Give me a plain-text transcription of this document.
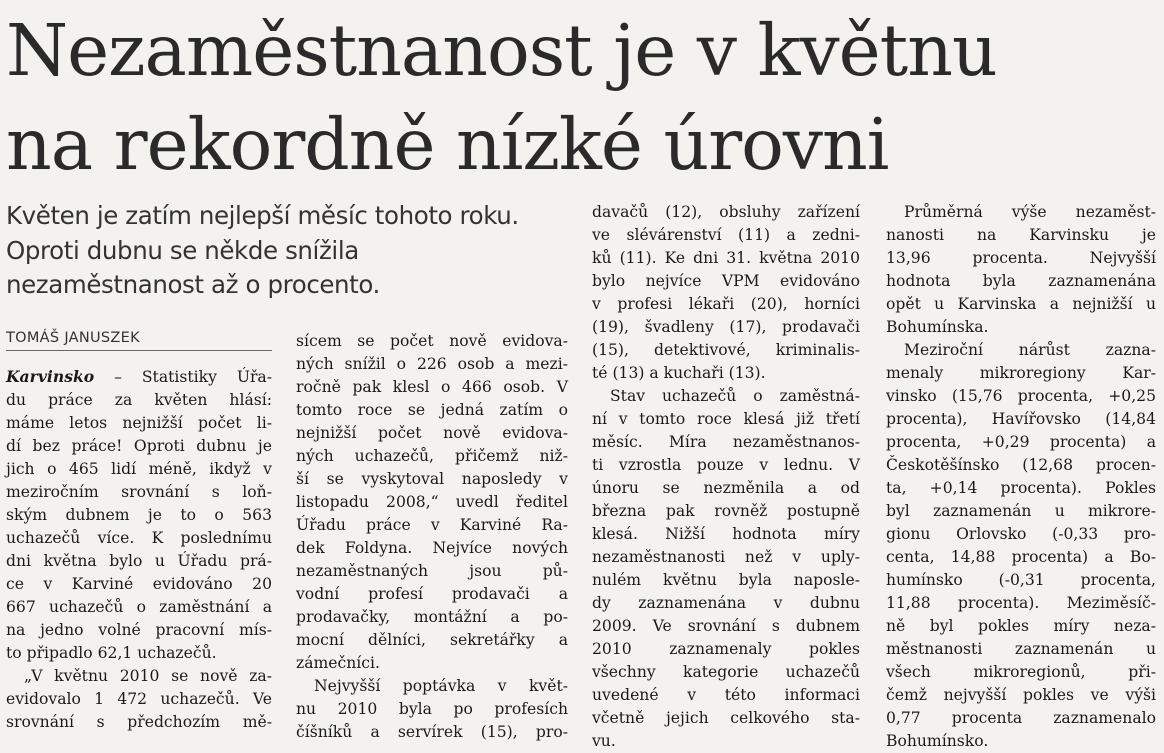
Nezaměstnanost je v květnu
na rekordně nízké úrovni
Květen je zatím nejlepší měsíc tohoto roku.
Oproti dubnu se někde snížila
nezaměstnanost až o procento.
TOMÁŠ JANUSZEK
Karvinsko – Statistiky Úřa-
du práce za květen hlásí:
máme letos nejnižší počet li-
dí bez práce! Oproti dubnu je
jich o 465 lidí méně, ikdyž v
meziročním srovnání s loň-
ským dubnem je to o 563
uchazečů více. K poslednímu
dni května bylo u Úřadu prá-
ce v Karviné evidováno 20
667 uchazečů o zaměstnání a
na jedno volné pracovní mís-
to připadlo 62,1 uchazečů.
„V květnu 2010 se nově za-
evidovalo 1 472 uchazečů. Ve
srovnání s předchozím mě-
sícem se počet nově evidova-
ných snížil o 226 osob a mezi-
ročně pak klesl o 466 osob. V
tomto roce se jedná zatím o
nejnižší počet nově evidova-
ných uchazečů, přičemž niž-
ší se vyskytoval naposledy v
listopadu 2008,“ uvedl ředitel
Úřadu práce v Karviné Ra-
dek Foldyna. Nejvíce nových
nezaměstnaných jsou pů-
vodní profesí prodavači a
prodavačky, montážní a po-
mocní dělníci, sekretářky a
zámečníci.
Nejvyšší poptávka v květ-
nu 2010 byla po profesích
číšníků a servírek (15), pro-
davačů (12), obsluhy zařízení
ve slévárenství (11) a zedni-
ků (11). Ke dni 31. května 2010
bylo nejvíce VPM evidováno
v profesi lékaři (20), horníci
(19), švadleny (17), prodavači
(15), detektivové, kriminalis-
té (13) a kuchaři (13).
Stav uchazečů o zaměstná-
ní v tomto roce klesá již třetí
měsíc. Míra nezaměstnanos-
ti vzrostla pouze v lednu. V
únoru se nezměnila a od
března pak rovněž postupně
klesá. Nižší hodnota míry
nezaměstnanosti než v uply-
nulém květnu byla naposle-
dy zaznamenána v dubnu
2009. Ve srovnání s dubnem
2010 zaznamenaly pokles
všechny kategorie uchazečů
uvedené v této informaci
včetně jejich celkového sta-
vu.
Průměrná výše nezaměst-
nanosti na Karvinsku je
13,96 procenta. Nejvyšší
hodnota byla zaznamenána
opět u Karvinska a nejnižší u
Bohumínska.
Meziroční nárůst zazna-
menaly mikroregiony Kar-
vinsko (15,76 procenta, +0,25
procenta), Havířovsko (14,84
procenta, +0,29 procenta) a
Českotěšínsko (12,68 procen-
ta, +0,14 procenta). Pokles
byl zaznamenán u mikrore-
gionu Orlovsko (-0,33 pro-
centa, 14,88 procenta) a Bo-
humínsko (-0,31 procenta,
11,88 procenta). Meziměsíč-
ně byl pokles míry neza-
městnanosti zaznamenán u
všech mikroregionů, při-
čemž nejvyšší pokles ve výši
0,77 procenta zaznamenalo
Bohumínsko.
